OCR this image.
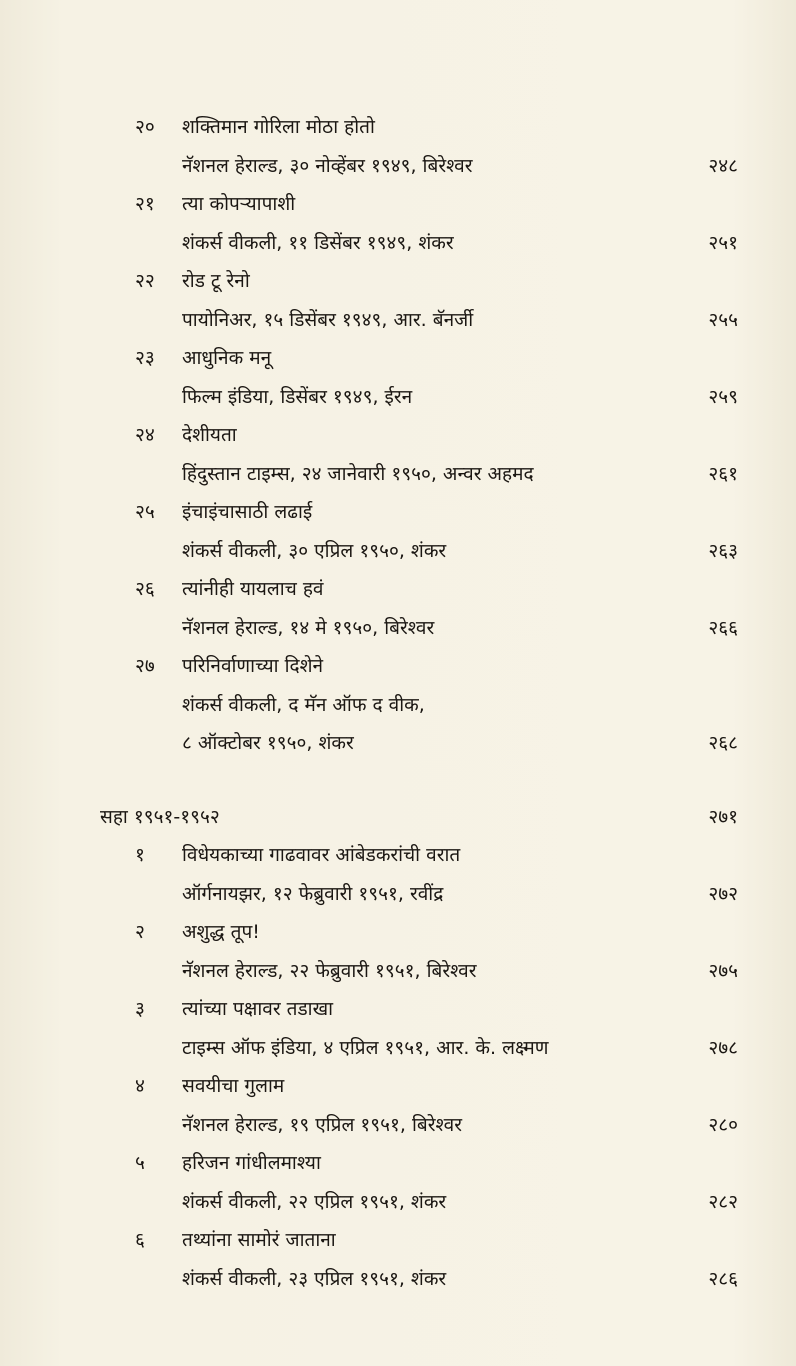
२० शक्तिमान गोरिला मोठा होतो
नॅशनल हेराल्ड, ३० नोव्हेंबर १९४९, बिरेश्वर	२४८
२१ त्या कोपऱ्यापाशी
शंकर्स वीकली, ११ डिसेंबर १९४९, शंकर	२५१
२२ रोड टू रेनो
पायोनिअर, १५ डिसेंबर १९४९, आर. बॅनर्जी	२५५
२३ आधुनिक मनू
फिल्म इंडिया, डिसेंबर १९४९, ईरन	२५९
२४ देशीयता
हिंदुस्तान टाइम्स, २४ जानेवारी १९५०, अन्वर अहमद	२६१
२५ इंचाइंचासाठी लढाई
शंकर्स वीकली, ३० एप्रिल १९५०, शंकर	२६३
२६ त्यांनीही यायलाच हवं
नॅशनल हेराल्ड, १४ मे १९५०, बिरेश्वर	२६६
२७ परिनिर्वाणाच्या दिशेने
शंकर्स वीकली, द मॅन ऑफ द वीक,
८ ऑक्टोबर १९५०, शंकर	२६८
सहा १९५१-१९५२	२७१
१ विधेयकाच्या गाढवावर आंबेडकरांची वरात
ऑर्गनायझर, १२ फेब्रुवारी १९५१, रवींद्र	२७२
२ अशुद्ध तूप!
नॅशनल हेराल्ड, २२ फेब्रुवारी १९५१, बिरेश्वर	२७५
३ त्यांच्या पक्षावर तडाखा
टाइम्स ऑफ इंडिया, ४ एप्रिल १९५१, आर. के. लक्ष्मण	२७८
४ सवयीचा गुलाम
नॅशनल हेराल्ड, १९ एप्रिल १९५१, बिरेश्वर	२८०
५ हरिजन गांधीलमाश्या
शंकर्स वीकली, २२ एप्रिल १९५१, शंकर	२८२
६ तथ्यांना सामोरं जाताना
शंकर्स वीकली, २३ एप्रिल १९५१, शंकर	२८६
